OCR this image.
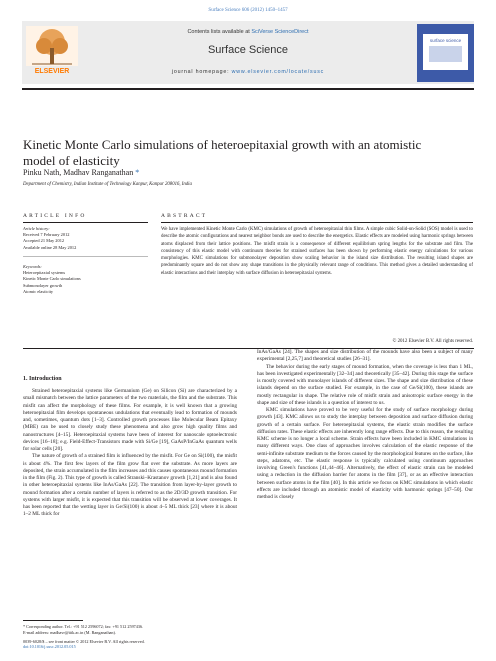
Surface Science 606 (2012) 1450–1457
ELSEVIER
Contents lists available at SciVerse ScienceDirect
Surface Science
journal homepage: www.elsevier.com/locate/susc
surface science
Kinetic Monte Carlo simulations of heteroepitaxial growth with an atomistic model of elasticity
Pinku Nath, Madhav Ranganathan *
Department of Chemistry, Indian Institute of Technology Kanpur, Kanpur 208016, India
ARTICLE INFO	ABSTRACT
Article history:
Received 7 February 2012
Accepted 21 May 2012
Available online 28 May 2012
Keywords:
Heteroepitaxial systems
Kinetic Monte Carlo simulations
Submonolayer growth
Atomic elasticity
We have implemented Kinetic Monte Carlo (KMC) simulations of growth of heteroepitaxial thin films. A simple cubic Solid-on-Solid (SOS) model is used to describe the atomic configurations and nearest neighbor bonds are used to describe the energetics. Elastic effects are modeled using harmonic springs between atoms displaced from their lattice positions. The misfit strain is a consequence of different equilibrium spring lengths for the substrate and film. The consistency of this elastic model with continuum theories for strained surfaces has been shown by performing elastic energy calculations for various morphologies. KMC simulations for submonolayer deposition show scaling behavior in the island size distribution. The resulting island shapes are predominantly square and do not show any shape transitions in the physically relevant range of conditions. This method gives a detailed understanding of elastic interactions and their interplay with surface diffusion in heteroepitaxial systems.
© 2012 Elsevier B.V. All rights reserved.
1. Introduction

Strained heteroepitaxial systems like Germanium (Ge) on Silicon (Si) are characterized by a small mismatch between the lattice parameters of the two materials, the film and the substrate. This misfit can affect the morphology of these films. For example, it is well known that a growing heteroepitaxial film develops spontaneous undulations that eventually lead to formation of mounds and, sometimes, quantum dots [1–3]. Controlled growth processes like Molecular Beam Epitaxy (MBE) can be used to closely study these phenomena and also grow high quality films and nanostructures [4–15]. Heteroepitaxial systems have been of interest for nanoscale optoelectronic devices [16–18]; e.g. Field-Effect-Transistors made with Si/Ge [19], GaAsP/InGaAs quantum wells for solar cells [20].

The nature of growth of a strained film is influenced by the misfit. For Ge on Si(100), the misfit is about 4%. The first few layers of the film grow flat over the substrate. As more layers are deposited, the strain accumulated in the film increases and this causes spontaneous mound formation in the film (Fig. 2). This type of growth is called Stranski–Krastanov growth [1,21] and is also found in other heteroepitaxial systems like InAs/GaAs [22]. The transition from layer-by-layer growth to mound formation after a certain number of layers is referred to as the 2D/3D growth transition. For systems with larger misfit, it is expected that this transition will be observed at lower coverages. It has been reported that the wetting layer in Ge/Si(100) is about 4–5 ML thick [23] where it is about 1–2 ML thick for

InAs/GaAs [24]. The shapes and size distribution of the mounds have also been a subject of many experimental [2,25,7] and theoretical studies [26–31].

The behavior during the early stages of mound formation, when the coverage is less than 1 ML, has been investigated experimentally [32–34] and theoretically [35–42]. During this stage the surface is mostly covered with monolayer islands of different sizes. The shape and size distribution of these islands depend on the surface studied. For example, in the case of Ge/Si(100), these islands are mostly rectangular in shape. The relative role of misfit strain and anisotropic surface energy in the shape and size of these islands is a question of interest to us.

KMC simulations have proved to be very useful for the study of surface morphology during growth [43]. KMC allows us to study the interplay between deposition and surface diffusion during growth of a certain surface. For heteroepitaxial systems, the elastic strain modifies the surface diffusion rates. These elastic effects are inherently long range effects. Due to this reason, the resulting KMC scheme is no longer a local scheme. Strain effects have been included in KMC simulations in many different ways. One class of approaches involves calculation of the elastic response of the semi-infinite substrate medium to the forces caused by the morphological features on the surface, like steps, adatoms, etc. The elastic response is typically calculated using continuum approaches involving Green's functions [41,44–46]. Alternatively, the effect of elastic strain can be modeled using a reduction in the diffusion barrier for atoms in the film [37], or as an effective interaction between surface atoms in the film [40]. In this article we focus on KMC simulations in which elastic effects are included through an atomistic model of elasticity with harmonic springs [47–50]. Our method is closely

* Corresponding author. Tel.: +91 512 2596072; fax: +91 512 2597436.
E-mail address: madhavr@iitk.ac.in (M. Ranganathan).
0039-6028/$ – see front matter © 2012 Elsevier B.V. All rights reserved.
doi:10.1016/j.susc.2012.05.015
